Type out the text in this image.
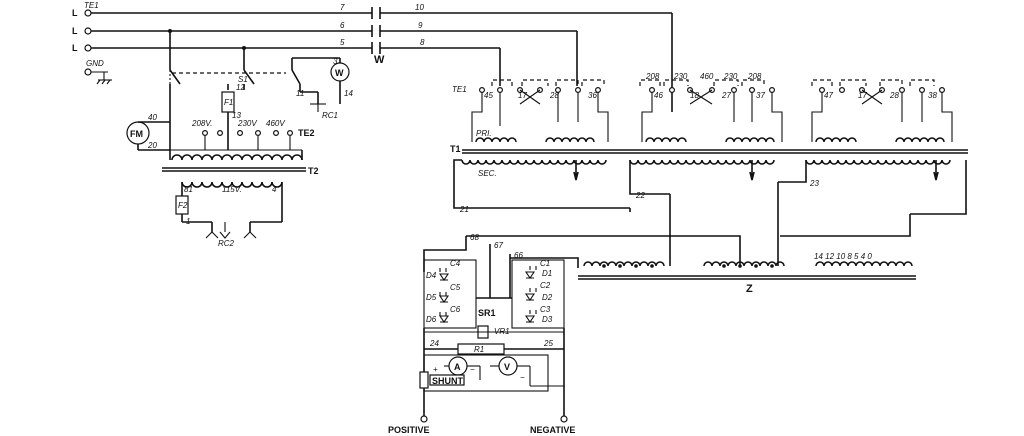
L
TE1
L
L
7
6
5
GND	W
10
9
8
S1
11
W
3
14
RC1
F1
12
13
FM
40
20
208V.	230V 460V
TE2
T2
115V.	4
81
F2
1
RC2
TE1
T1
45	17	28	36
208 230 460 230 208
46	18	27	37	47	17	28	38
PRI.
SEC.
21
22
23
Z
14 12 10 8 5 4 0
68
67
66
C4
D4
C5
D5
C6
D6
C1
D1
C2
D2
C3
D3
SR1
VR1
R1
24	25
A	V
+	−
−
SHUNT
POSITIVE	NEGATIVE
